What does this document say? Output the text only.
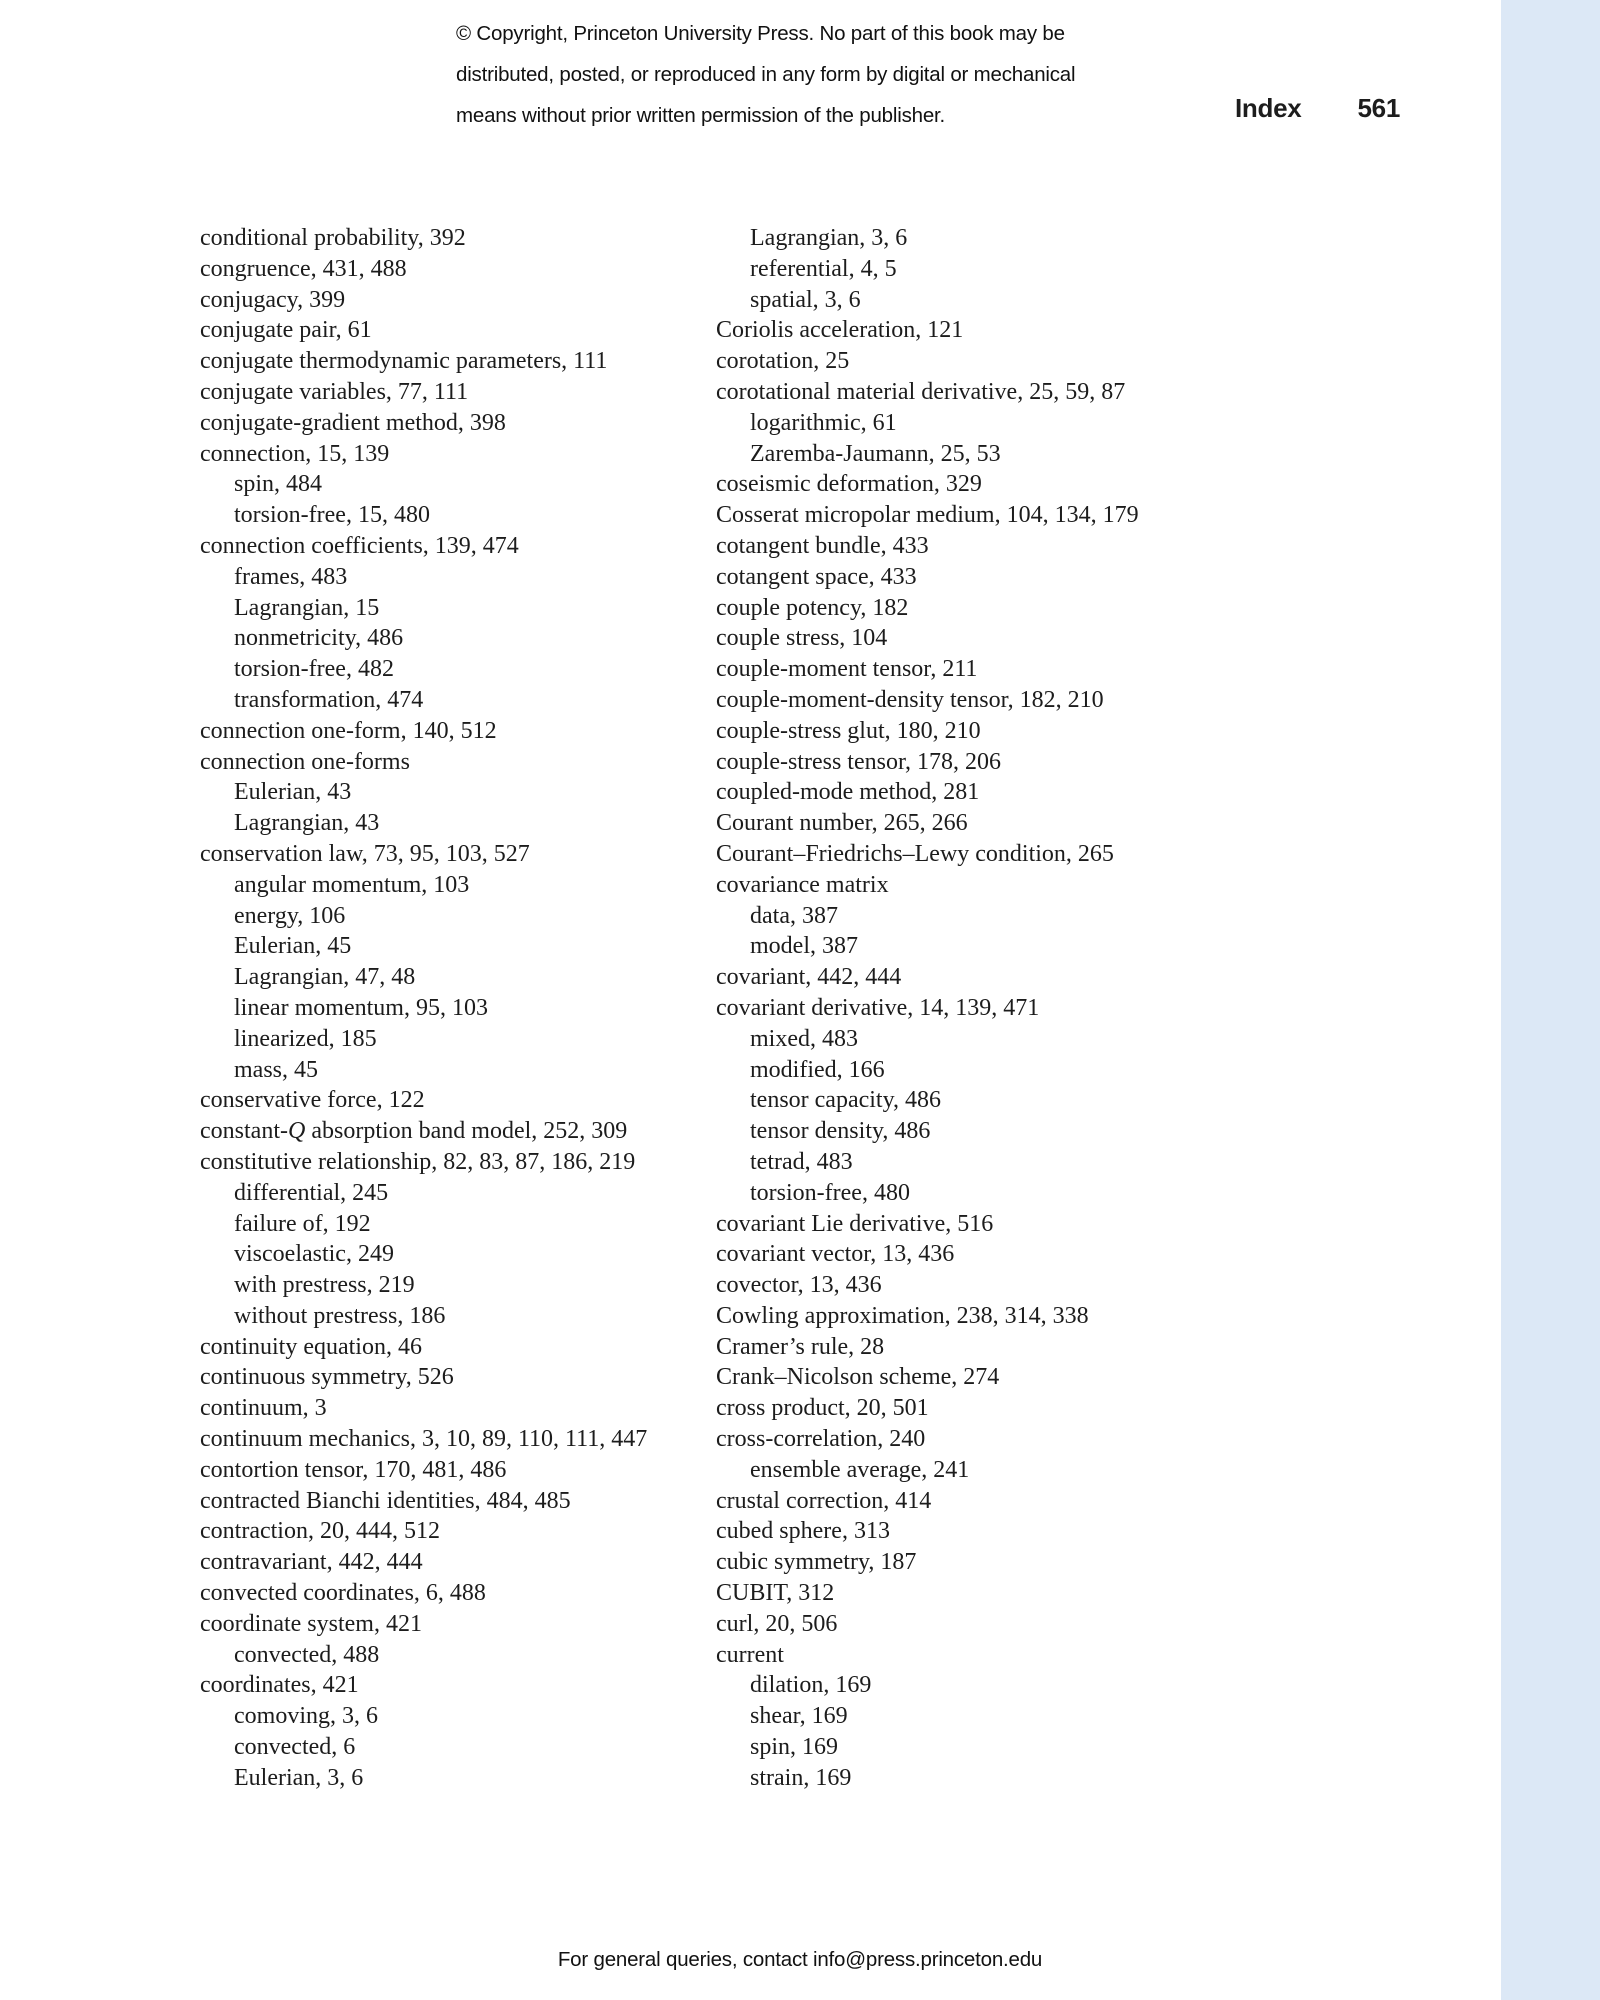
© Copyright, Princeton University Press. No part of this book may be
distributed, posted, or reproduced in any form by digital or mechanical
means without prior written permission of the publisher.	Index 561
conditional probability, 392
congruence, 431, 488
conjugacy, 399
conjugate pair, 61
conjugate thermodynamic parameters, 111
conjugate variables, 77, 111
conjugate-gradient method, 398
connection, 15, 139
spin, 484
torsion-free, 15, 480
connection coefficients, 139, 474
frames, 483
Lagrangian, 15
nonmetricity, 486
torsion-free, 482
transformation, 474
connection one-form, 140, 512
connection one-forms
Eulerian, 43
Lagrangian, 43
conservation law, 73, 95, 103, 527
angular momentum, 103
energy, 106
Eulerian, 45
Lagrangian, 47, 48
linear momentum, 95, 103
linearized, 185
mass, 45
conservative force, 122
constant-Q absorption band model, 252, 309
constitutive relationship, 82, 83, 87, 186, 219
differential, 245
failure of, 192
viscoelastic, 249
with prestress, 219
without prestress, 186
continuity equation, 46
continuous symmetry, 526
continuum, 3
continuum mechanics, 3, 10, 89, 110, 111, 447
contortion tensor, 170, 481, 486
contracted Bianchi identities, 484, 485
contraction, 20, 444, 512
contravariant, 442, 444
convected coordinates, 6, 488
coordinate system, 421
convected, 488
coordinates, 421
comoving, 3, 6
convected, 6
Eulerian, 3, 6
Lagrangian, 3, 6
referential, 4, 5
spatial, 3, 6
Coriolis acceleration, 121
corotation, 25
corotational material derivative, 25, 59, 87
logarithmic, 61
Zaremba-Jaumann, 25, 53
coseismic deformation, 329
Cosserat micropolar medium, 104, 134, 179
cotangent bundle, 433
cotangent space, 433
couple potency, 182
couple stress, 104
couple-moment tensor, 211
couple-moment-density tensor, 182, 210
couple-stress glut, 180, 210
couple-stress tensor, 178, 206
coupled-mode method, 281
Courant number, 265, 266
Courant–Friedrichs–Lewy condition, 265
covariance matrix
data, 387
model, 387
covariant, 442, 444
covariant derivative, 14, 139, 471
mixed, 483
modified, 166
tensor capacity, 486
tensor density, 486
tetrad, 483
torsion-free, 480
covariant Lie derivative, 516
covariant vector, 13, 436
covector, 13, 436
Cowling approximation, 238, 314, 338
Cramer’s rule, 28
Crank–Nicolson scheme, 274
cross product, 20, 501
cross-correlation, 240
ensemble average, 241
crustal correction, 414
cubed sphere, 313
cubic symmetry, 187
CUBIT, 312
curl, 20, 506
current
dilation, 169
shear, 169
spin, 169
strain, 169
For general queries, contact info@press.princeton.edu
